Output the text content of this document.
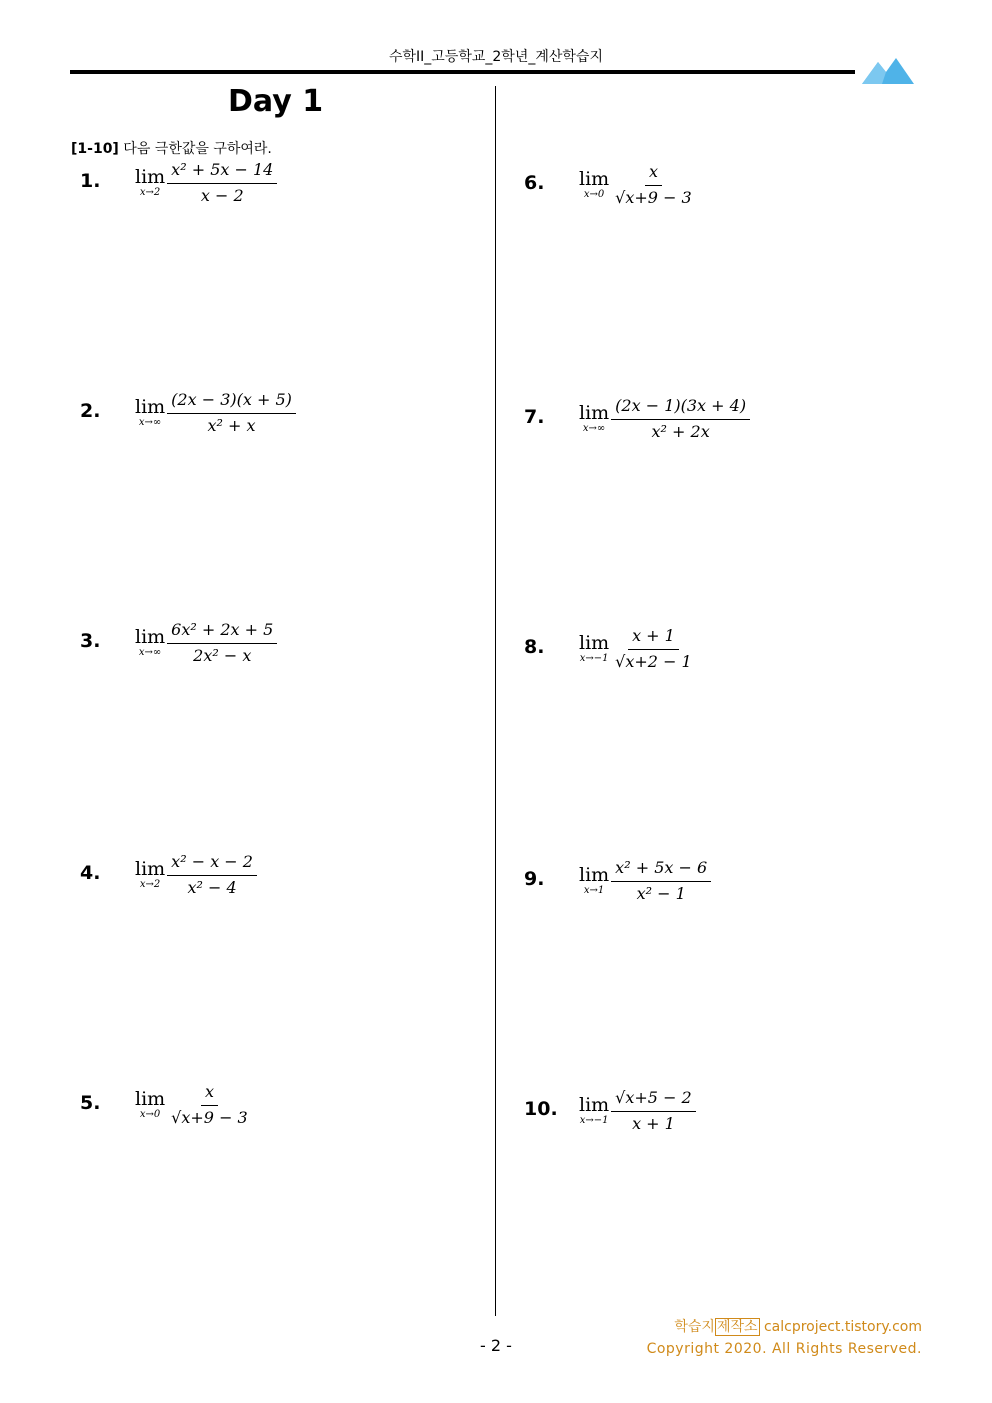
수학II_고등학교_2학년_계산학습지
Day 1
[1-10] 다음 극한값을 구하여라.
1. lim
$x\to 2 \frac{\text{x² + 5x − 14}}{x - 2}$
2. lim
$x\to\infty \frac{(2x - 3)(x + 5)}{\text{x² + x}}$
3. lim
$x\to\infty \frac{\text{6x² + 2x + 5}}{\text{2x² − x}}$
4. lim
$x\to 2 \frac{\text{x² − x − 2}}{\text{x² − 4}}$
5. lim
$x\to 0 \frac{x}{√x+9 - 3}$
6. lim
$x\to 0 \frac{x}{√x+9 - 3}$
7. lim
$x\to\infty \frac{(2x - 1)(3x + 4)}{\text{x² + 2x}}$
8. lim
$x\to-1 \frac{x + 1}{√x+2 - 1}$
9. lim
$x\to 1 \frac{\text{x² + 5x − 6}}{\text{x² − 1}}$
10. lim
$x\to-1 \frac{√x+5 - 2}{x + 1}$
학습지 제작소 calcproject.tistory.com
Copyright 2020. All Rights Reserved.
- 2 -
